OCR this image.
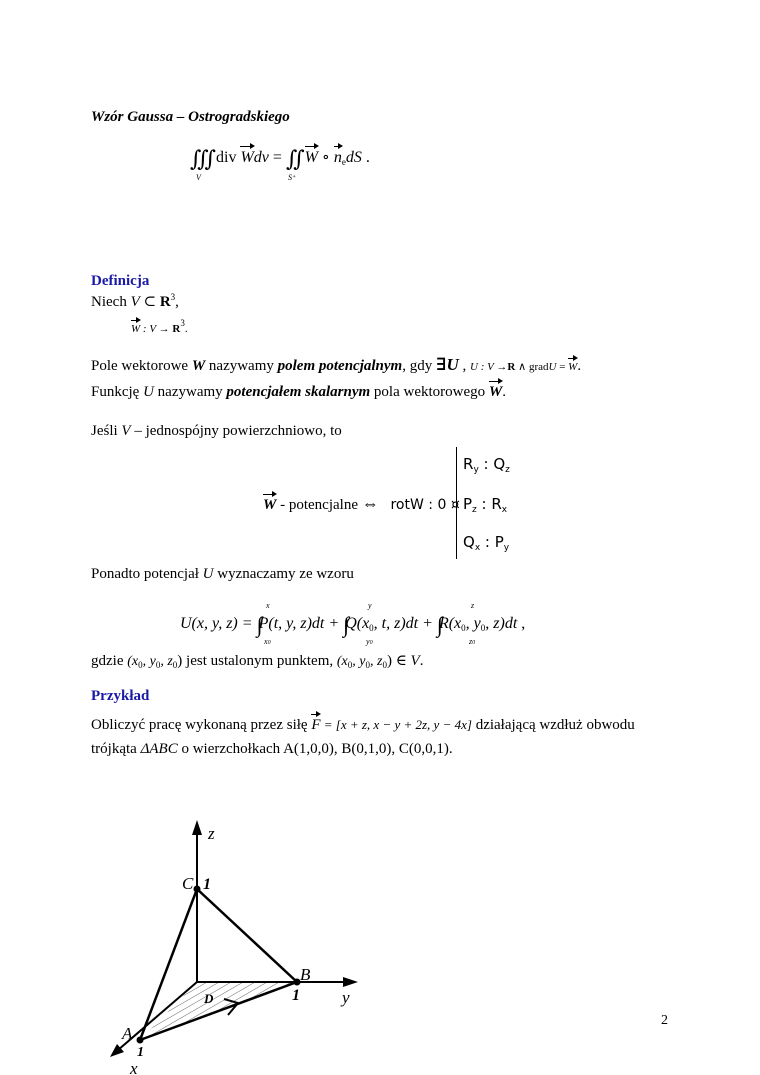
Wzór Gaussa – Ostrogradskiego
∭ div Wdv = ∬ W ∘ $n_edS$ .
V	S⁺
Definicja
Niech V ⊂ $R^3$,
W : $V \to R^3$.
Pole wektorowe W nazywamy polem potencjalnym, gdy ∃U , U : V →R ∧ gradU = W.
Funkcję U nazywamy potencjałem skalarnym pola wektorowego W.
Jeśli V – jednospójny powierzchniowo, to
W - potencjalne ⇔ rotW : 0 ¤
$R_y$ : $Q_z$
$P_z$ : $R_x$
$Q_x$ : $P_y$
Ponadto potencjał U wyznaczamy ze wzoru
U(x, y, z) = ∫P(t, y, $z)dt + \int Q(x_0$, t, $z)dt + \int R(x_0$, $y_0$, z)dt ,
x
x0
y
y0
z
z0
gdzie ($x_0$, $y_0$, $z_0$) jest ustalonym punktem, ($x_0$, $y_0$, $z_0$) ∈ V.
Przykład
Obliczyć pracę wykonaną przez siłę F = [x + z, x − y + 2z, y − 4x] działającą wzdłuż obwodu
trójkąta ΔABC o wierzchołkach A(1,0,0), B(0,1,0), C(0,0,1).
z
y
x
C 1
B
1
A
1
D
2
